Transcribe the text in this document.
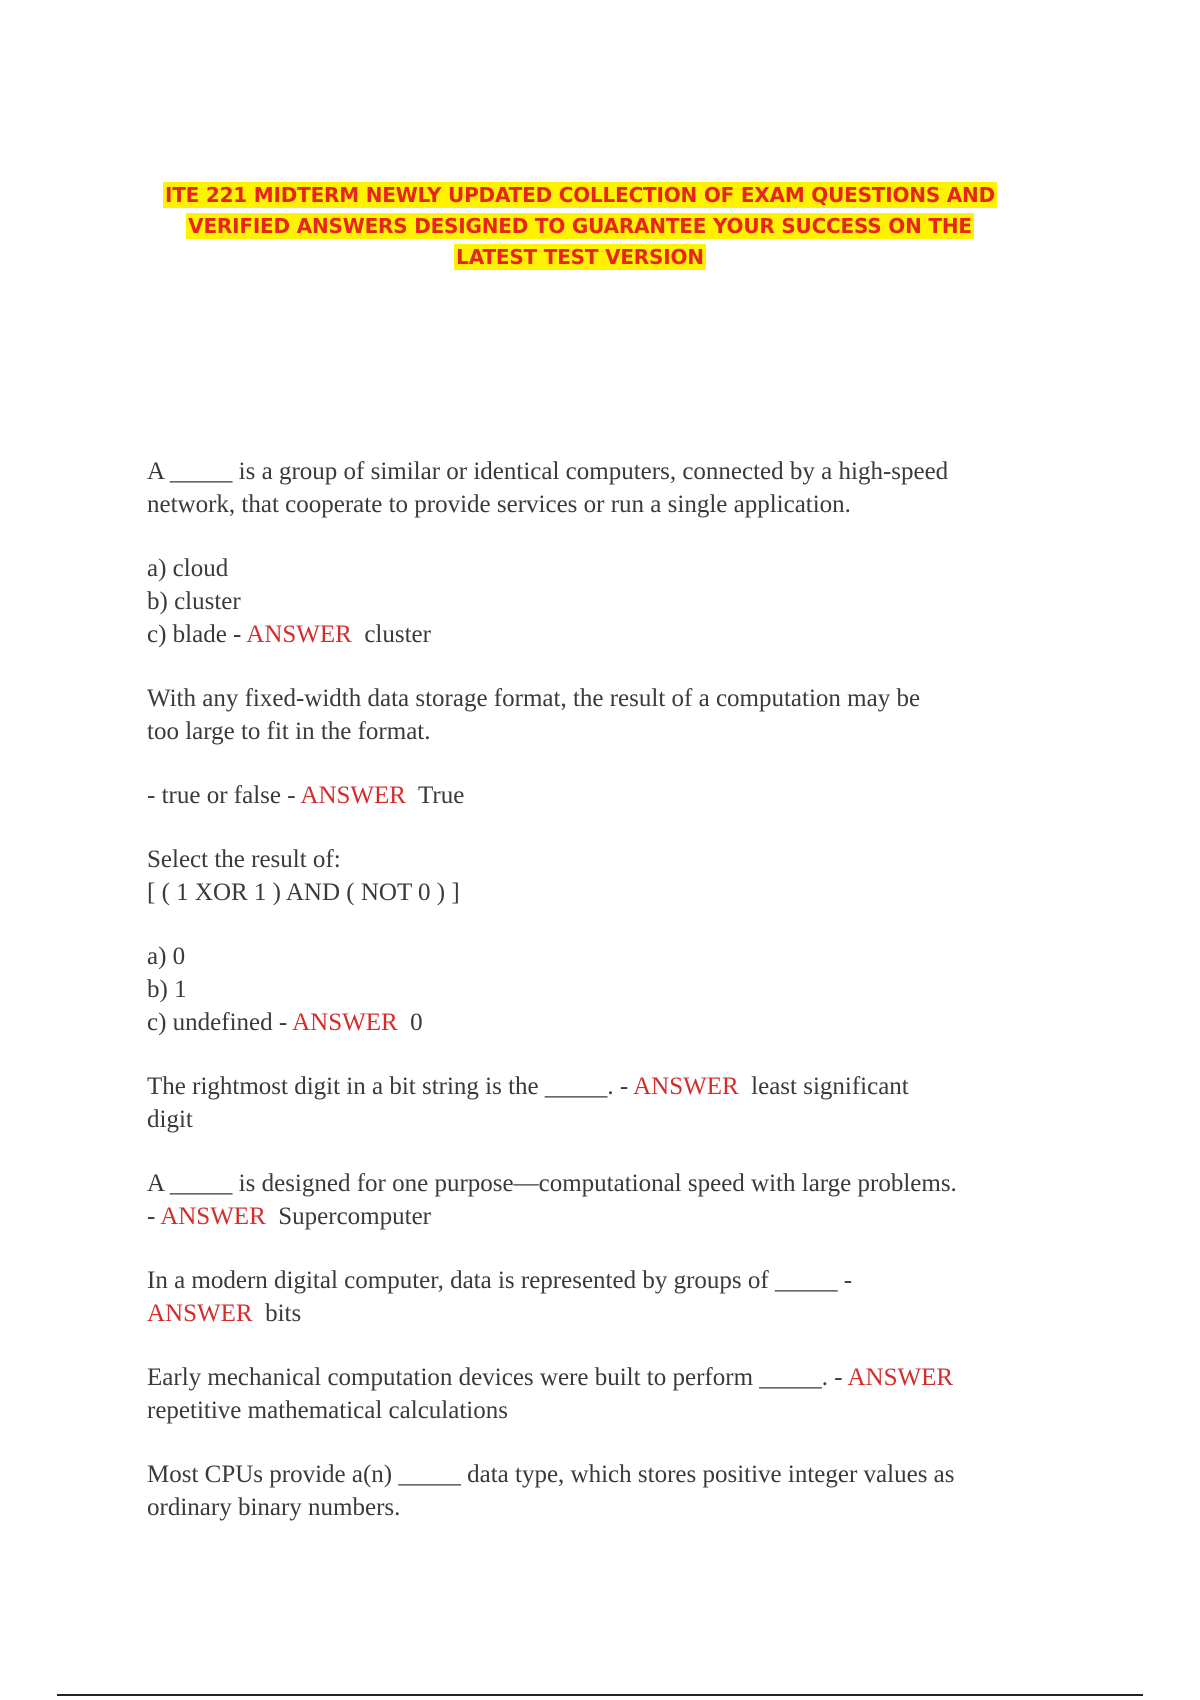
ITE 221 MIDTERM NEWLY UPDATED COLLECTION OF EXAM QUESTIONS AND
VERIFIED ANSWERS DESIGNED TO GUARANTEE YOUR SUCCESS ON THE
LATEST TEST VERSION
A _____ is a group of similar or identical computers, connected by a high-speed
network, that cooperate to provide services or run a single application.
a) cloud
b) cluster
c) blade - ANSWER cluster
With any fixed-width data storage format, the result of a computation may be
too large to fit in the format.
- true or false - ANSWER True
Select the result of:
[ ( 1 XOR 1 ) AND ( NOT 0 ) ]
a) 0
b) 1
c) undefined - ANSWER 0
The rightmost digit in a bit string is the _____. - ANSWER least significant
digit
A _____ is designed for one purpose—computational speed with large problems.
- ANSWER Supercomputer
In a modern digital computer, data is represented by groups of _____ -
ANSWER bits
Early mechanical computation devices were built to perform _____. - ANSWER
repetitive mathematical calculations
Most CPUs provide a(n) _____ data type, which stores positive integer values as
ordinary binary numbers.
